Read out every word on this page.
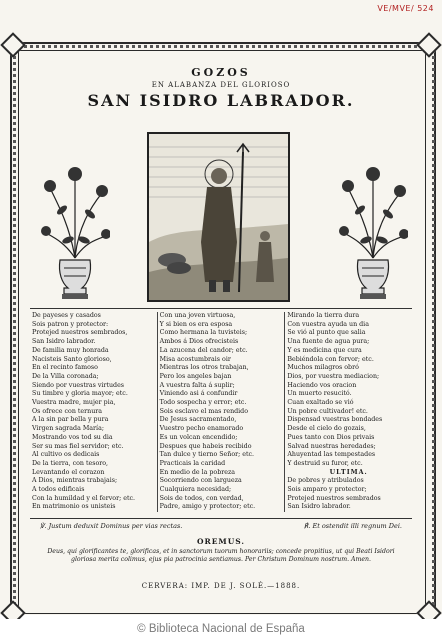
VE/MVE/ 524
GOZOS
EN ALABANZA DEL GLORIOSO
SAN ISIDRO LABRADOR.
De payeses y casados
Sois patron y protector:
Protejed nuestros sembrados,
San Isidro labrador.
De familia muy honrada
Nacisteis Santo glorioso,
En el recinto famoso
De la Villa coronada;
Siendo por vuestras virtudes
Su timbre y gloria mayor; etc.
Vuestra madre, mujer pia,
Os ofrece con ternura
A la sin par bella y pura
Virgen sagrada María;
Mostrando vos tod su dia
Ser su mas fiel servidor; etc.
Al cultivo os dedicais
De la tierra, con tesoro,
Levantando el corazon
A Dios, mientras trabajais;
A todos edificais
Con la humildad y el fervor; etc.
En matrimonio os unisteis
Con una joven virtuosa,
Y si bien os era esposa
Como hermana la tuvisteis;
Ambos á Dios ofrecisteis
La azucena del candor; etc.
Misa acostumbrais oir
Mientras los otros trabajan,
Pero los angeles bajan
A vuestra falta á suplir;
Viniendo asi á confundir
Todo sospecha y error; etc.
Sois esclavo el mas rendido
De Jesus sacramentado,
Vuestro pecho enamorado
Es un volcan encendido;
Despues que habeis recibido
Tan dulce y tierno Señor; etc.
Practicais la caridad
En medio de la pobreza
Socorriendo con largueza
Cualquiera necesidad;
Sois de todos, con verdad,
Padre, amigo y protector; etc.
Mirando la tierra dura
Con vuestra ayuda un dia
Se vió al punto que salia
Una fuente de agua pura;
Y es medicina que cura
Bebiéndola con fervor; etc.
Muchos milagros obró
Dios, por vuestra mediacion;
Haciendo vos oracion
Un muerto resucitó.
Cuan exaltado se vió
Un pobre cultivador! etc.
Dispensad vuestras bondades
Desde el cielo do gozais,
Pues tanto con Dios privais
Salvad nuestras heredades;
Ahuyentad las tempestades
Y destruid su furor, etc.
ULTIMA.
De pobres y atribulados
Sois amparo y protector;
Protejed nuestros sembrados
San Isidro labrador.
℣. Justum deduxit Dominus per vias rectas.	℟. Et ostendit illi regnum Dei.
OREMUS.
Deus, qui glorificantes te, glorificas, et in sanctorum tuorum honorariis; concede propitius, ut qui Beati Isidori gloriosa merita colimus, ejus pia patrocinia sentiamus. Per Christum Dominum nostrum. Amen.
CERVERA: IMP. DE J. SOLÉ.—1888.
© Biblioteca Nacional de España
